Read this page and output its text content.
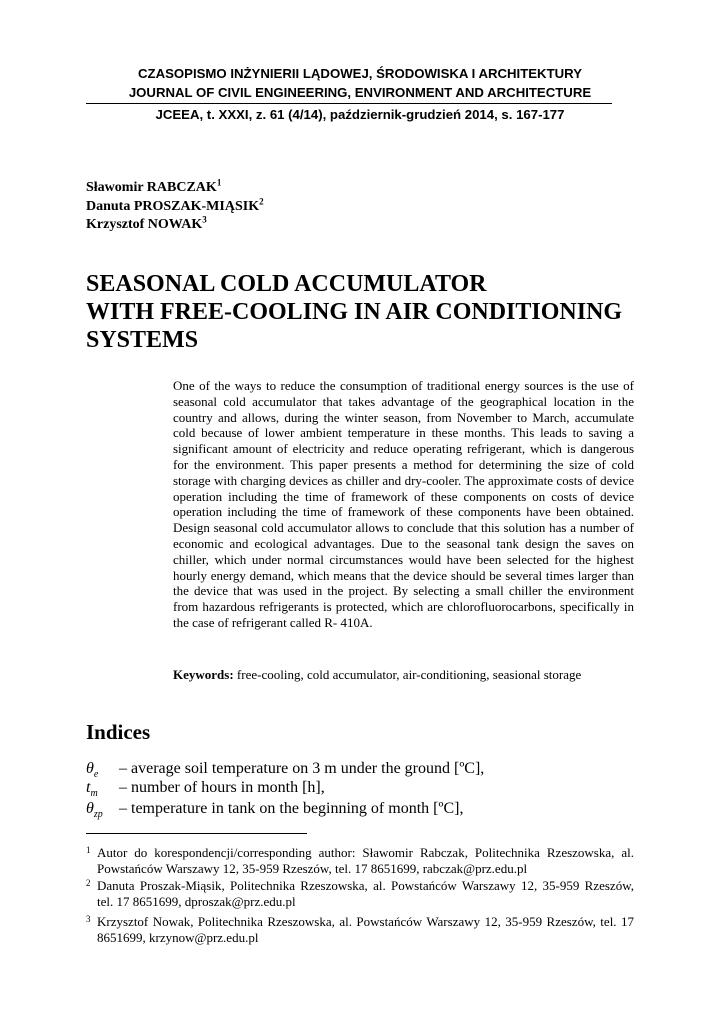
CZASOPISMO INŻYNIERII LĄDOWEJ, ŚRODOWISKA I ARCHITEKTURY
JOURNAL OF CIVIL ENGINEERING, ENVIRONMENT AND ARCHITECTURE
JCEEA, t. XXXI, z. 61 (4/14), październik-grudzień 2014, s. 167-177
Sławomir RABCZAK$^1$
Danuta PROSZAK-MIĄSIK$^2$
Krzysztof NOWAK$^3$
SEASONAL COLD ACCUMULATOR
WITH FREE-COOLING IN AIR CONDITIONING
SYSTEMS
One of the ways to reduce the consumption of traditional energy sources is the use of seasonal cold accumulator that takes advantage of the geographical location in the country and allows, during the winter season, from November to March, accumulate cold because of lower ambient temperature in these months. This leads to saving a significant amount of electricity and reduce operating refrigerant, which is dangerous for the environment. This paper presents a method for determining the size of cold storage with charging devices as chiller and dry-cooler. The approximate costs of device operation including the time of framework of these components on costs of device operation including the time of framework of these components have been obtained. Design seasonal cold accumulator allows to conclude that this solution has a number of economic and ecological advantages. Due to the seasonal tank design the saves on chiller, which under normal circumstances would have been selected for the highest hourly energy demand, which means that the device should be several times larger than the device that was used in the project. By selecting a small chiller the environment from hazardous refrigerants is protected, which are chlorofluorocarbons, specifically in the case of refrigerant called R- 410A.
Keywords: free-cooling, cold accumulator, air-conditioning, seasional storage
Indices
$\theta_e$ – average soil temperature on 3 m under the ground [ºC],
$t_m$ – number of hours in month [h],
$\theta_{zp}$ – temperature in tank on the beginning of month [ºC],
1 Autor do korespondencji/corresponding author: Sławomir Rabczak, Politechnika Rzeszowska, al. Powstańców Warszawy 12, 35-959 Rzeszów, tel. 17 8651699, rabczak@prz.edu.pl
2 Danuta Proszak-Miąsik, Politechnika Rzeszowska, al. Powstańców Warszawy 12, 35-959 Rzeszów, tel. 17 8651699, dproszak@prz.edu.pl
3 Krzysztof Nowak, Politechnika Rzeszowska, al. Powstańców Warszawy 12, 35-959 Rzeszów, tel. 17 8651699, krzynow@prz.edu.pl
